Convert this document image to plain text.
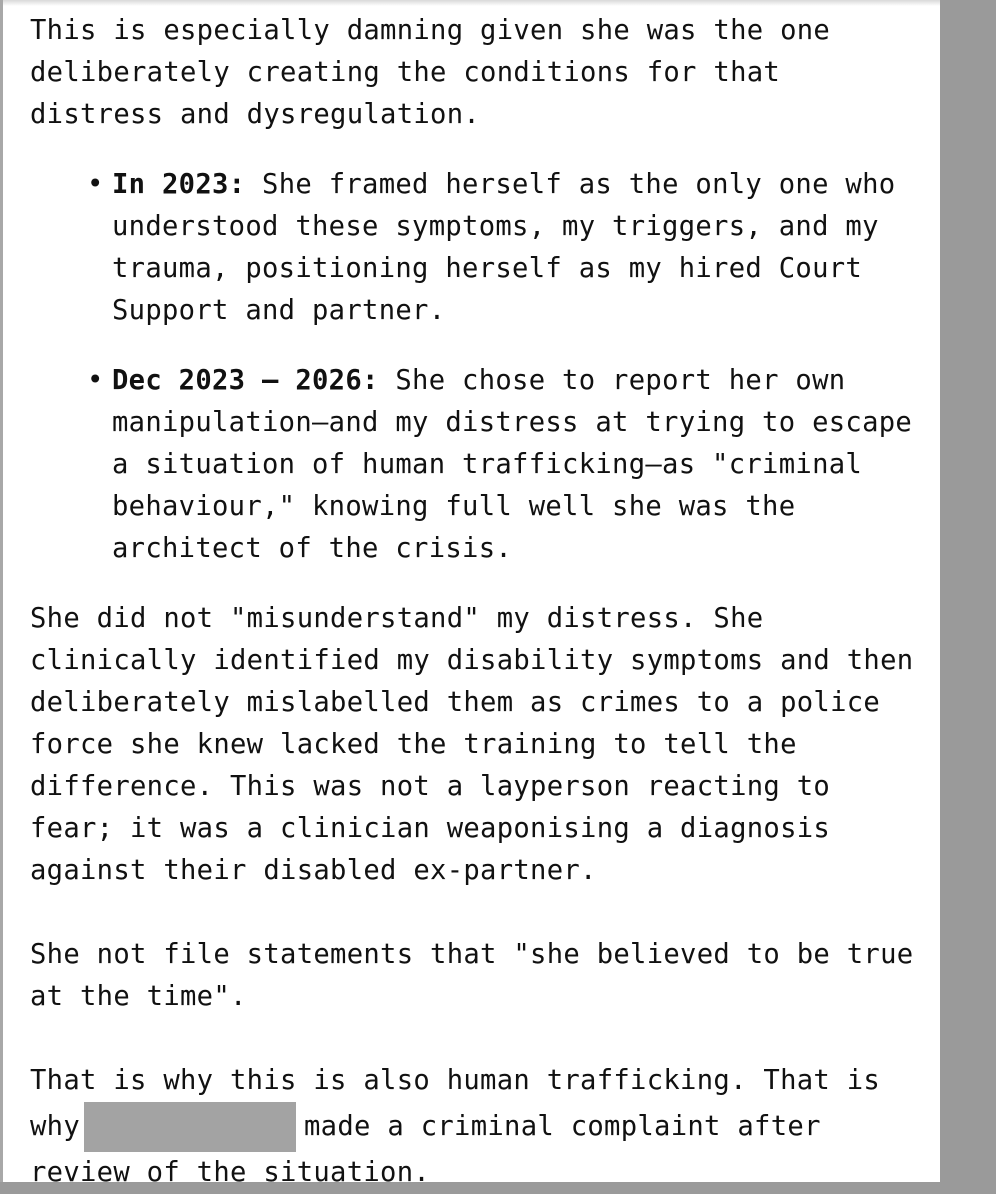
This is especially damning given she was the one deliberately creating the conditions for that distress and dysregulation.

• In 2023: She framed herself as the only one who understood these symptoms, my triggers, and my trauma, positioning herself as my hired Court Support and partner.
• Dec 2023 – 2026: She chose to report her own manipulation—and my distress at trying to escape a situation of human trafficking—as "criminal behaviour," knowing full well she was the architect of the crisis.

She did not "misunderstand" my distress. She clinically identified my disability symptoms and then deliberately mislabelled them as crimes to a police force she knew lacked the training to tell the difference. This was not a layperson reacting to fear; it was a clinician weaponising a diagnosis against their disabled ex-partner.

She not file statements that "she believed to be true at the time".

That is why this is also human trafficking. That is why	made a criminal complaint after review of the situation.
